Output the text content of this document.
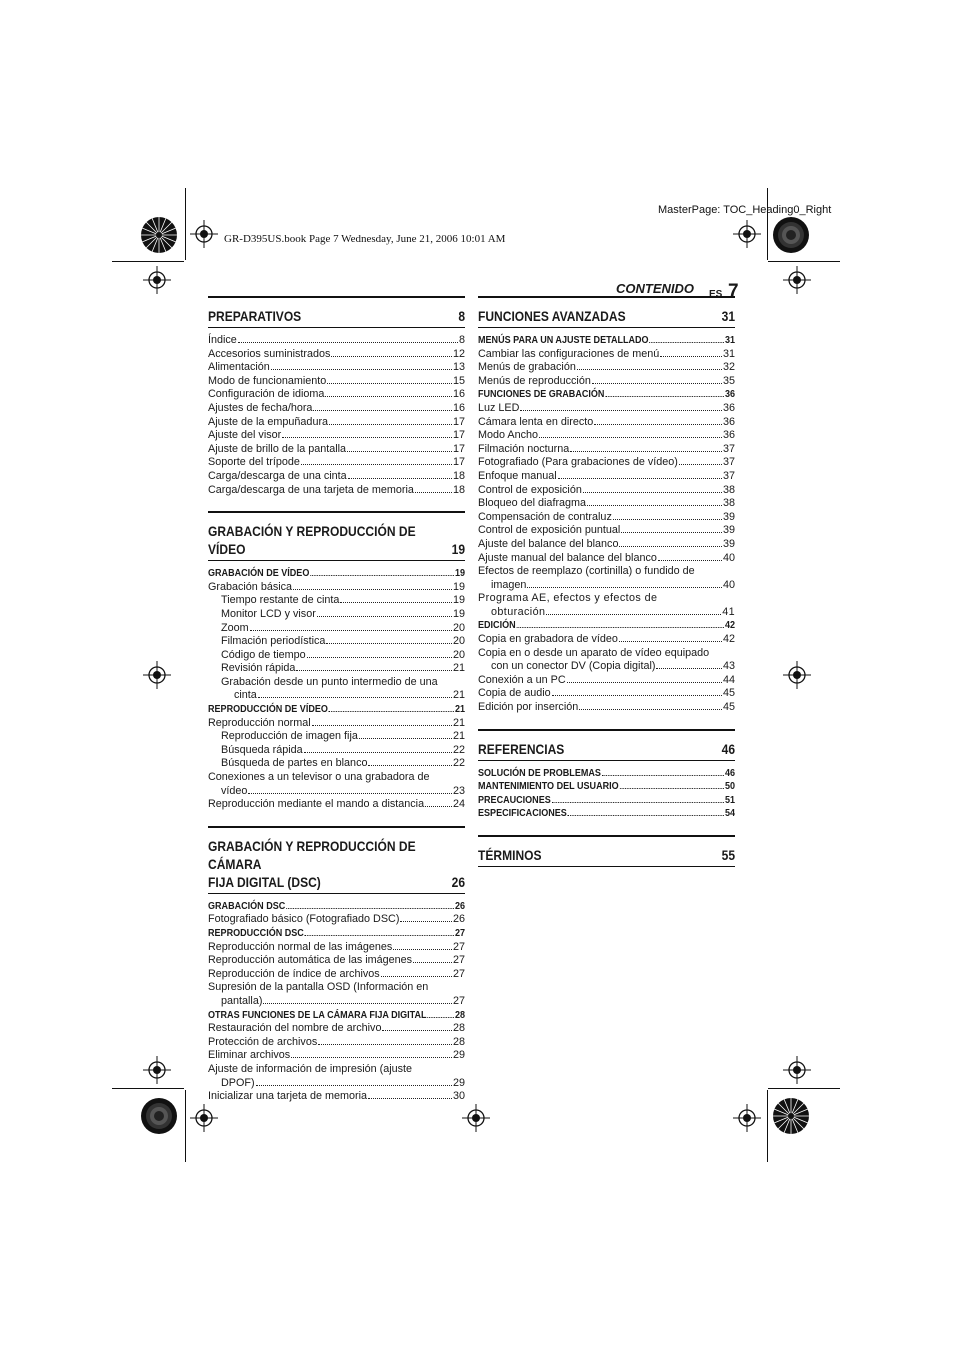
MasterPage: TOC_Heading0_Right
GR-D395US.book Page 7 Wednesday, June 21, 2006 10:01 AM
CONTENIDO ES 7
PREPARATIVOS	8
Índice	8
Accesorios suministrados	12
Alimentación	13
Modo de funcionamiento	15
Configuración de idioma	16
Ajustes de fecha/hora	16
Ajuste de la empuñadura	17
Ajuste del visor	17
Ajuste de brillo de la pantalla	17
Soporte del trípode	17
Carga/descarga de una cinta	18
Carga/descarga de una tarjeta de memoria	18
GRABACIÓN Y REPRODUCCIÓN DE VÍDEO	19
GRABACIÓN DE VÍDEO	19
Grabación básica	19
Tiempo restante de cinta	19
Monitor LCD y visor	19
Zoom	20
Filmación periodística	20
Código de tiempo	20
Revisión rápida	21
Grabación desde un punto intermedio de una
cinta	21
REPRODUCCIÓN DE VÍDEO	21
Reproducción normal	21
Reproducción de imagen fija	21
Búsqueda rápida	22
Búsqueda de partes en blanco	22
Conexiones a un televisor o una grabadora de
vídeo	23
Reproducción mediante el mando a distancia	24
GRABACIÓN Y REPRODUCCIÓN DE CÁMARA
FIJA DIGITAL (DSC)	26
GRABACIÓN DSC	26
Fotografiado básico (Fotografiado DSC)	26
REPRODUCCIÓN DSC	27
Reproducción normal de las imágenes	27
Reproducción automática de las imágenes	27
Reproducción de índice de archivos	27
Supresión de la pantalla OSD (Información en
pantalla)	27
OTRAS FUNCIONES DE LA CÁMARA FIJA DIGITAL	28
Restauración del nombre de archivo	28
Protección de archivos	28
Eliminar archivos	29
Ajuste de información de impresión (ajuste
DPOF)	29
Inicializar una tarjeta de memoria	30
FUNCIONES AVANZADAS	31
MENÚS PARA UN AJUSTE DETALLADO	31
Cambiar las configuraciones de menú	31
Menús de grabación	32
Menús de reproducción	35
FUNCIONES DE GRABACIÓN	36
Luz LED	36
Cámara lenta en directo	36
Modo Ancho	36
Filmación nocturna	37
Fotografiado (Para grabaciones de vídeo)	37
Enfoque manual	37
Control de exposición	38
Bloqueo del diafragma	38
Compensación de contraluz	39
Control de exposición puntual	39
Ajuste del balance del blanco	39
Ajuste manual del balance del blanco	40
Efectos de reemplazo (cortinilla) o fundido de
imagen	40
Programa AE, efectos y efectos de
obturación	41
EDICIÓN	42
Copia en grabadora de vídeo	42
Copia en o desde un aparato de vídeo equipado
con un conector DV (Copia digital)	43
Conexión a un PC	44
Copia de audio	45
Edición por inserción	45
REFERENCIAS	46
SOLUCIÓN DE PROBLEMAS	46
MANTENIMIENTO DEL USUARIO	50
PRECAUCIONES	51
ESPECIFICACIONES	54
TÉRMINOS	55
